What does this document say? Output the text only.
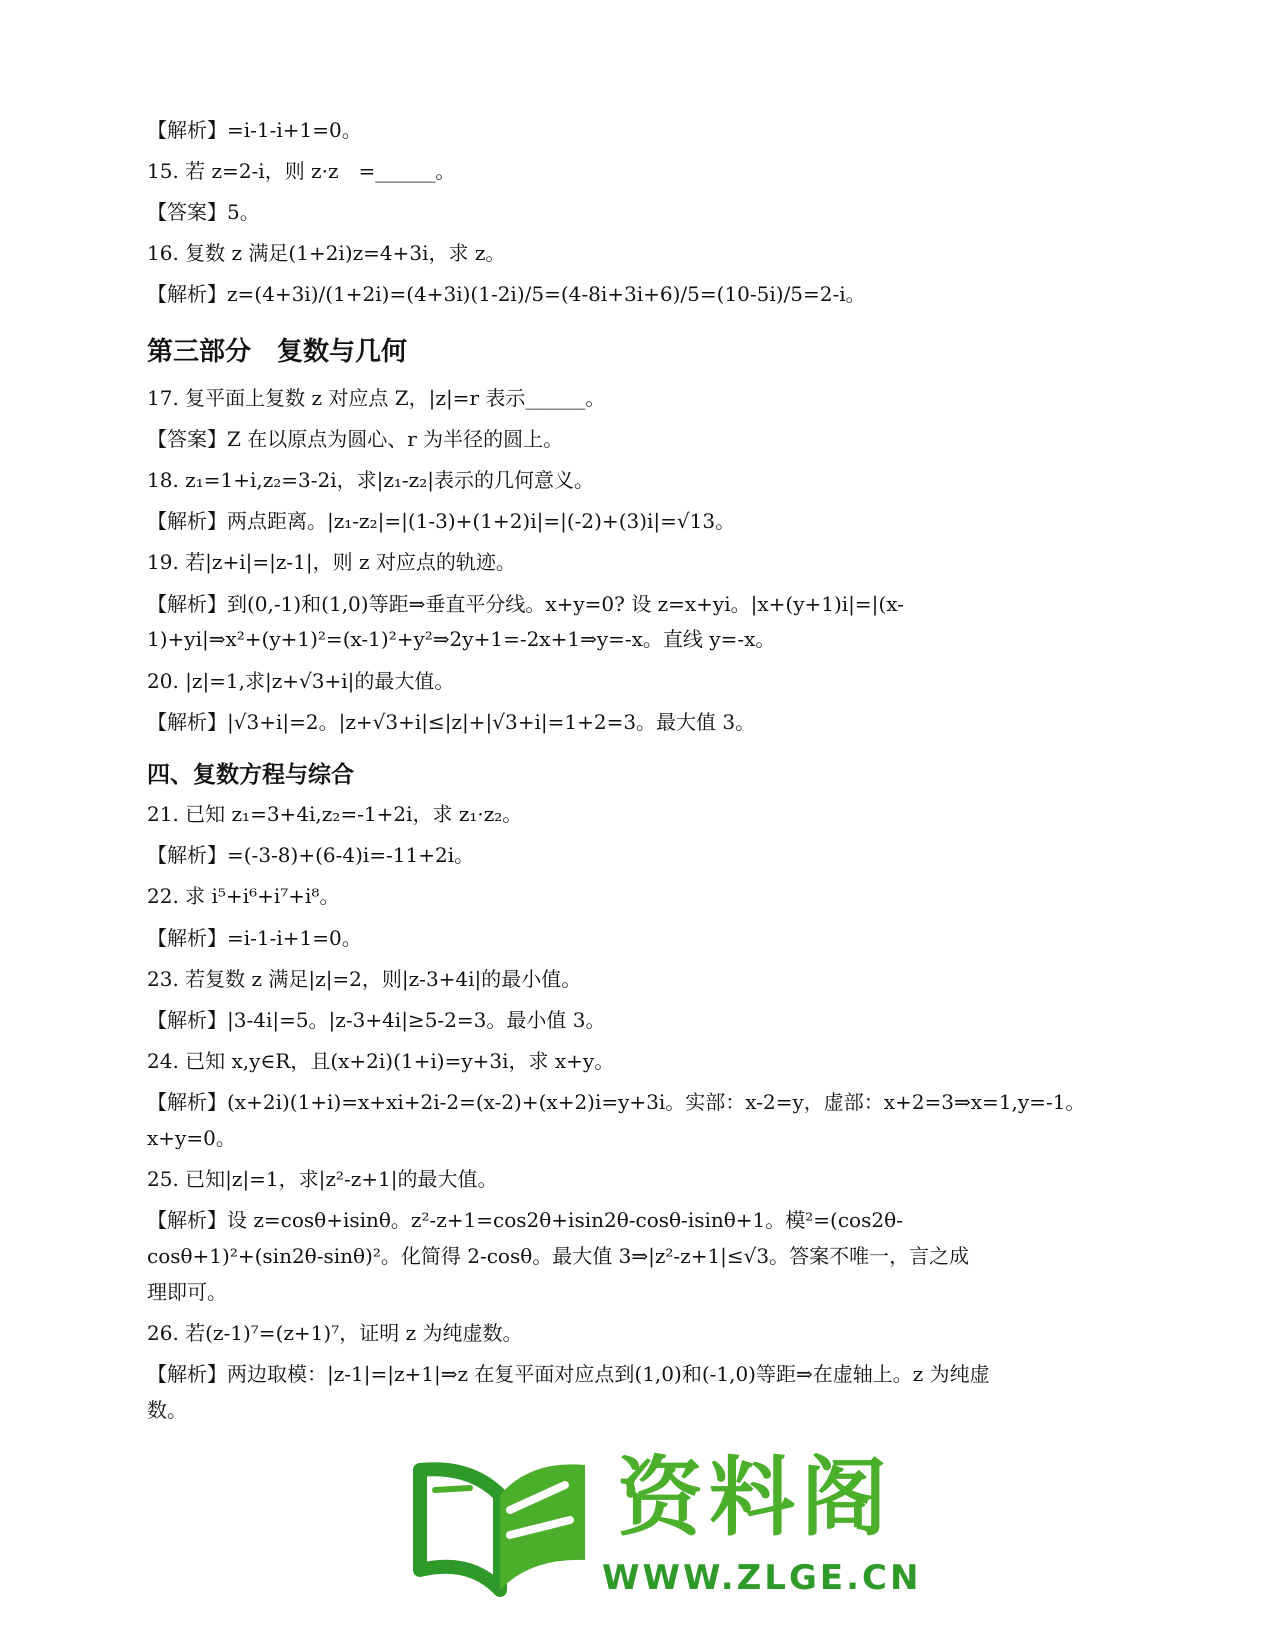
【解析】=i-1-i+1=0。
15. 若 z=2-i，则 z·z　=______。
【答案】5。
16. 复数 z 满足(1+2i)z=4+3i，求 z。
【解析】z=(4+3i)/(1+2i)=(4+3i)(1-2i)/5=(4-8i+3i+6)/5=(10-5i)/5=2-i。
第三部分　复数与几何
17. 复平面上复数 z 对应点 Z，|z|=r 表示______。
【答案】Z 在以原点为圆心、r 为半径的圆上。
18. z₁=1+i,z₂=3-2i，求|z₁-z₂|表示的几何意义。
【解析】两点距离。|z₁-z₂|=|(1-3)+(1+2)i|=|(-2)+(3)i|=√13。
19. 若|z+i|=|z-1|，则 z 对应点的轨迹。
【解析】到(0,-1)和(1,0)等距⇒垂直平分线。x+y=0? 设 z=x+yi。|x+(y+1)i|=|(x-
1)+yi|⇒x²+(y+1)²=(x-1)²+y²⇒2y+1=-2x+1⇒y=-x。直线 y=-x。
20. |z|=1,求|z+√3+i|的最大值。
【解析】|√3+i|=2。|z+√3+i|≤|z|+|√3+i|=1+2=3。最大值 3。
四、复数方程与综合
21. 已知 z₁=3+4i,z₂=-1+2i，求 z₁·z₂。
【解析】=(-3-8)+(6-4)i=-11+2i。
22. 求 i⁵+i⁶+i⁷+i⁸。
【解析】=i-1-i+1=0。
23. 若复数 z 满足|z|=2，则|z-3+4i|的最小值。
【解析】|3-4i|=5。|z-3+4i|≥5-2=3。最小值 3。
24. 已知 x,y∈R，且(x+2i)(1+i)=y+3i，求 x+y。
【解析】(x+2i)(1+i)=x+xi+2i-2=(x-2)+(x+2)i=y+3i。实部：x-2=y，虚部：x+2=3⇒x=1,y=-1。
x+y=0。
25. 已知|z|=1，求|z²-z+1|的最大值。
【解析】设 z=cosθ+isinθ。z²-z+1=cos2θ+isin2θ-cosθ-isinθ+1。模²=(cos2θ-
cosθ+1)²+(sin2θ-sinθ)²。化简得 2-cosθ。最大值 3⇒|z²-z+1|≤√3。答案不唯一，言之成
理即可。
26. 若(z-1)⁷=(z+1)⁷，证明 z 为纯虚数。
【解析】两边取模：|z-1|=|z+1|⇒z 在复平面对应点到(1,0)和(-1,0)等距⇒在虚轴上。z 为纯虚
数。
资料阁
WWW.ZLGE.CN
